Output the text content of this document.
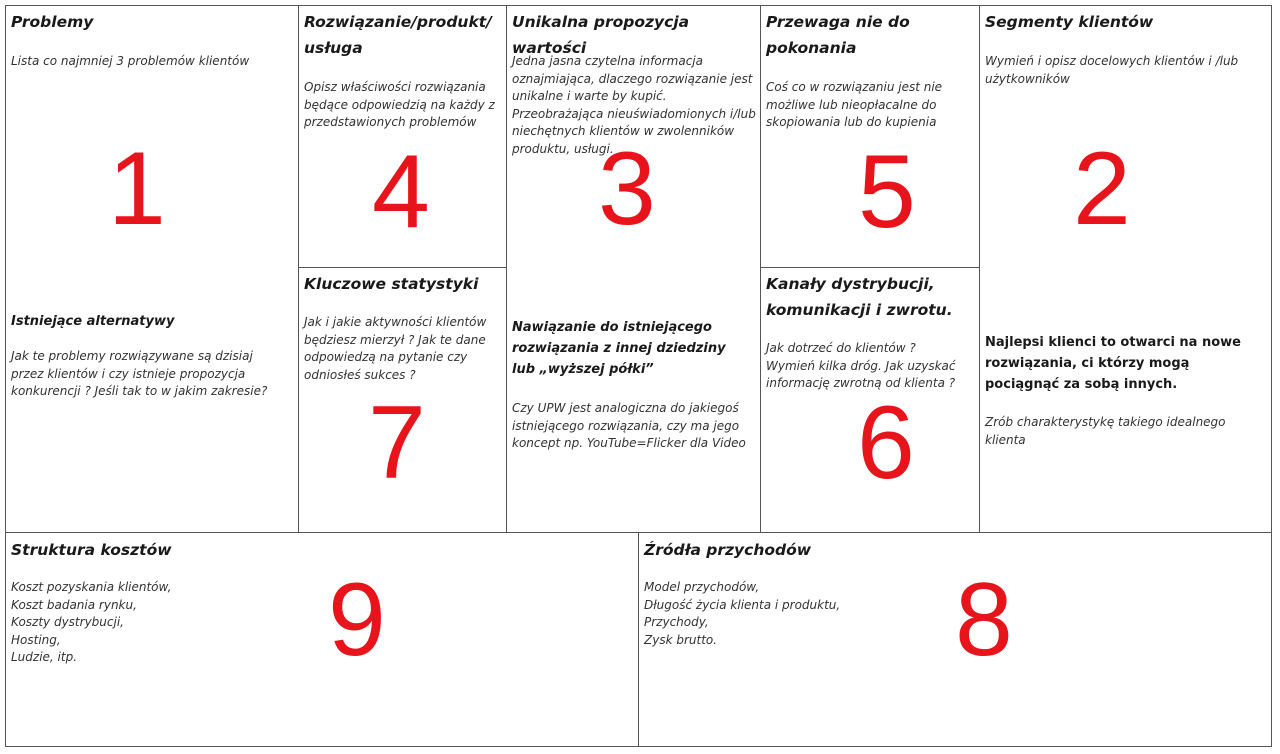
Problemy
Lista co najmniej 3 problemów klientów
1
Istniejące alternatywy
Jak te problemy rozwiązywane są dzisiaj przez klientów i czy istnieje propozycja konkurencji ? Jeśli tak to w jakim zakresie?
Rozwiązanie/produkt/usługa
Opisz właściwości rozwiązania będące odpowiedzią na każdy z przedstawionych problemów
4
Kluczowe statystyki
Jak i jakie aktywności klientów będziesz mierzył ? Jak te dane odpowiedzą na pytanie czy odniosłeś sukces ?
7
Unikalna propozycja wartości
Jedna jasna czytelna informacja oznajmiająca, dlaczego rozwiązanie jest unikalne i warte by kupić. Przeobrażająca nieuświadomionych i/lub niechętnych klientów w zwolenników produktu, usługi.
3
Nawiązanie do istniejącego rozwiązania z innej dziedziny lub „wyższej półki”
Czy UPW jest analogiczna do jakiegoś istniejącego rozwiązania, czy ma jego koncept np. YouTube=Flicker dla Video
Przewaga nie do pokonania
Coś co w rozwiązaniu jest nie możliwe lub nieopłacalne do skopiowania lub do kupienia
5
Kanały dystrybucji, komunikacji i zwrotu.
Jak dotrzeć do klientów ? Wymień kilka dróg. Jak uzyskać informację zwrotną od klienta ?
6
Segmenty klientów
Wymień i opisz docelowych klientów i /lub użytkowników
2
Najlepsi klienci to otwarci na nowe rozwiązania, ci którzy mogą pociągnąć za sobą innych.
Zrób charakterystykę takiego idealnego klienta
Struktura kosztów
Koszt pozyskania klientów,
Koszt badania rynku,
Koszty dystrybucji,
Hosting,
Ludzie, itp.	9
Źródła przychodów
Model przychodów,
Długość życia klienta i produktu,
Przychody,
Zysk brutto.	8
